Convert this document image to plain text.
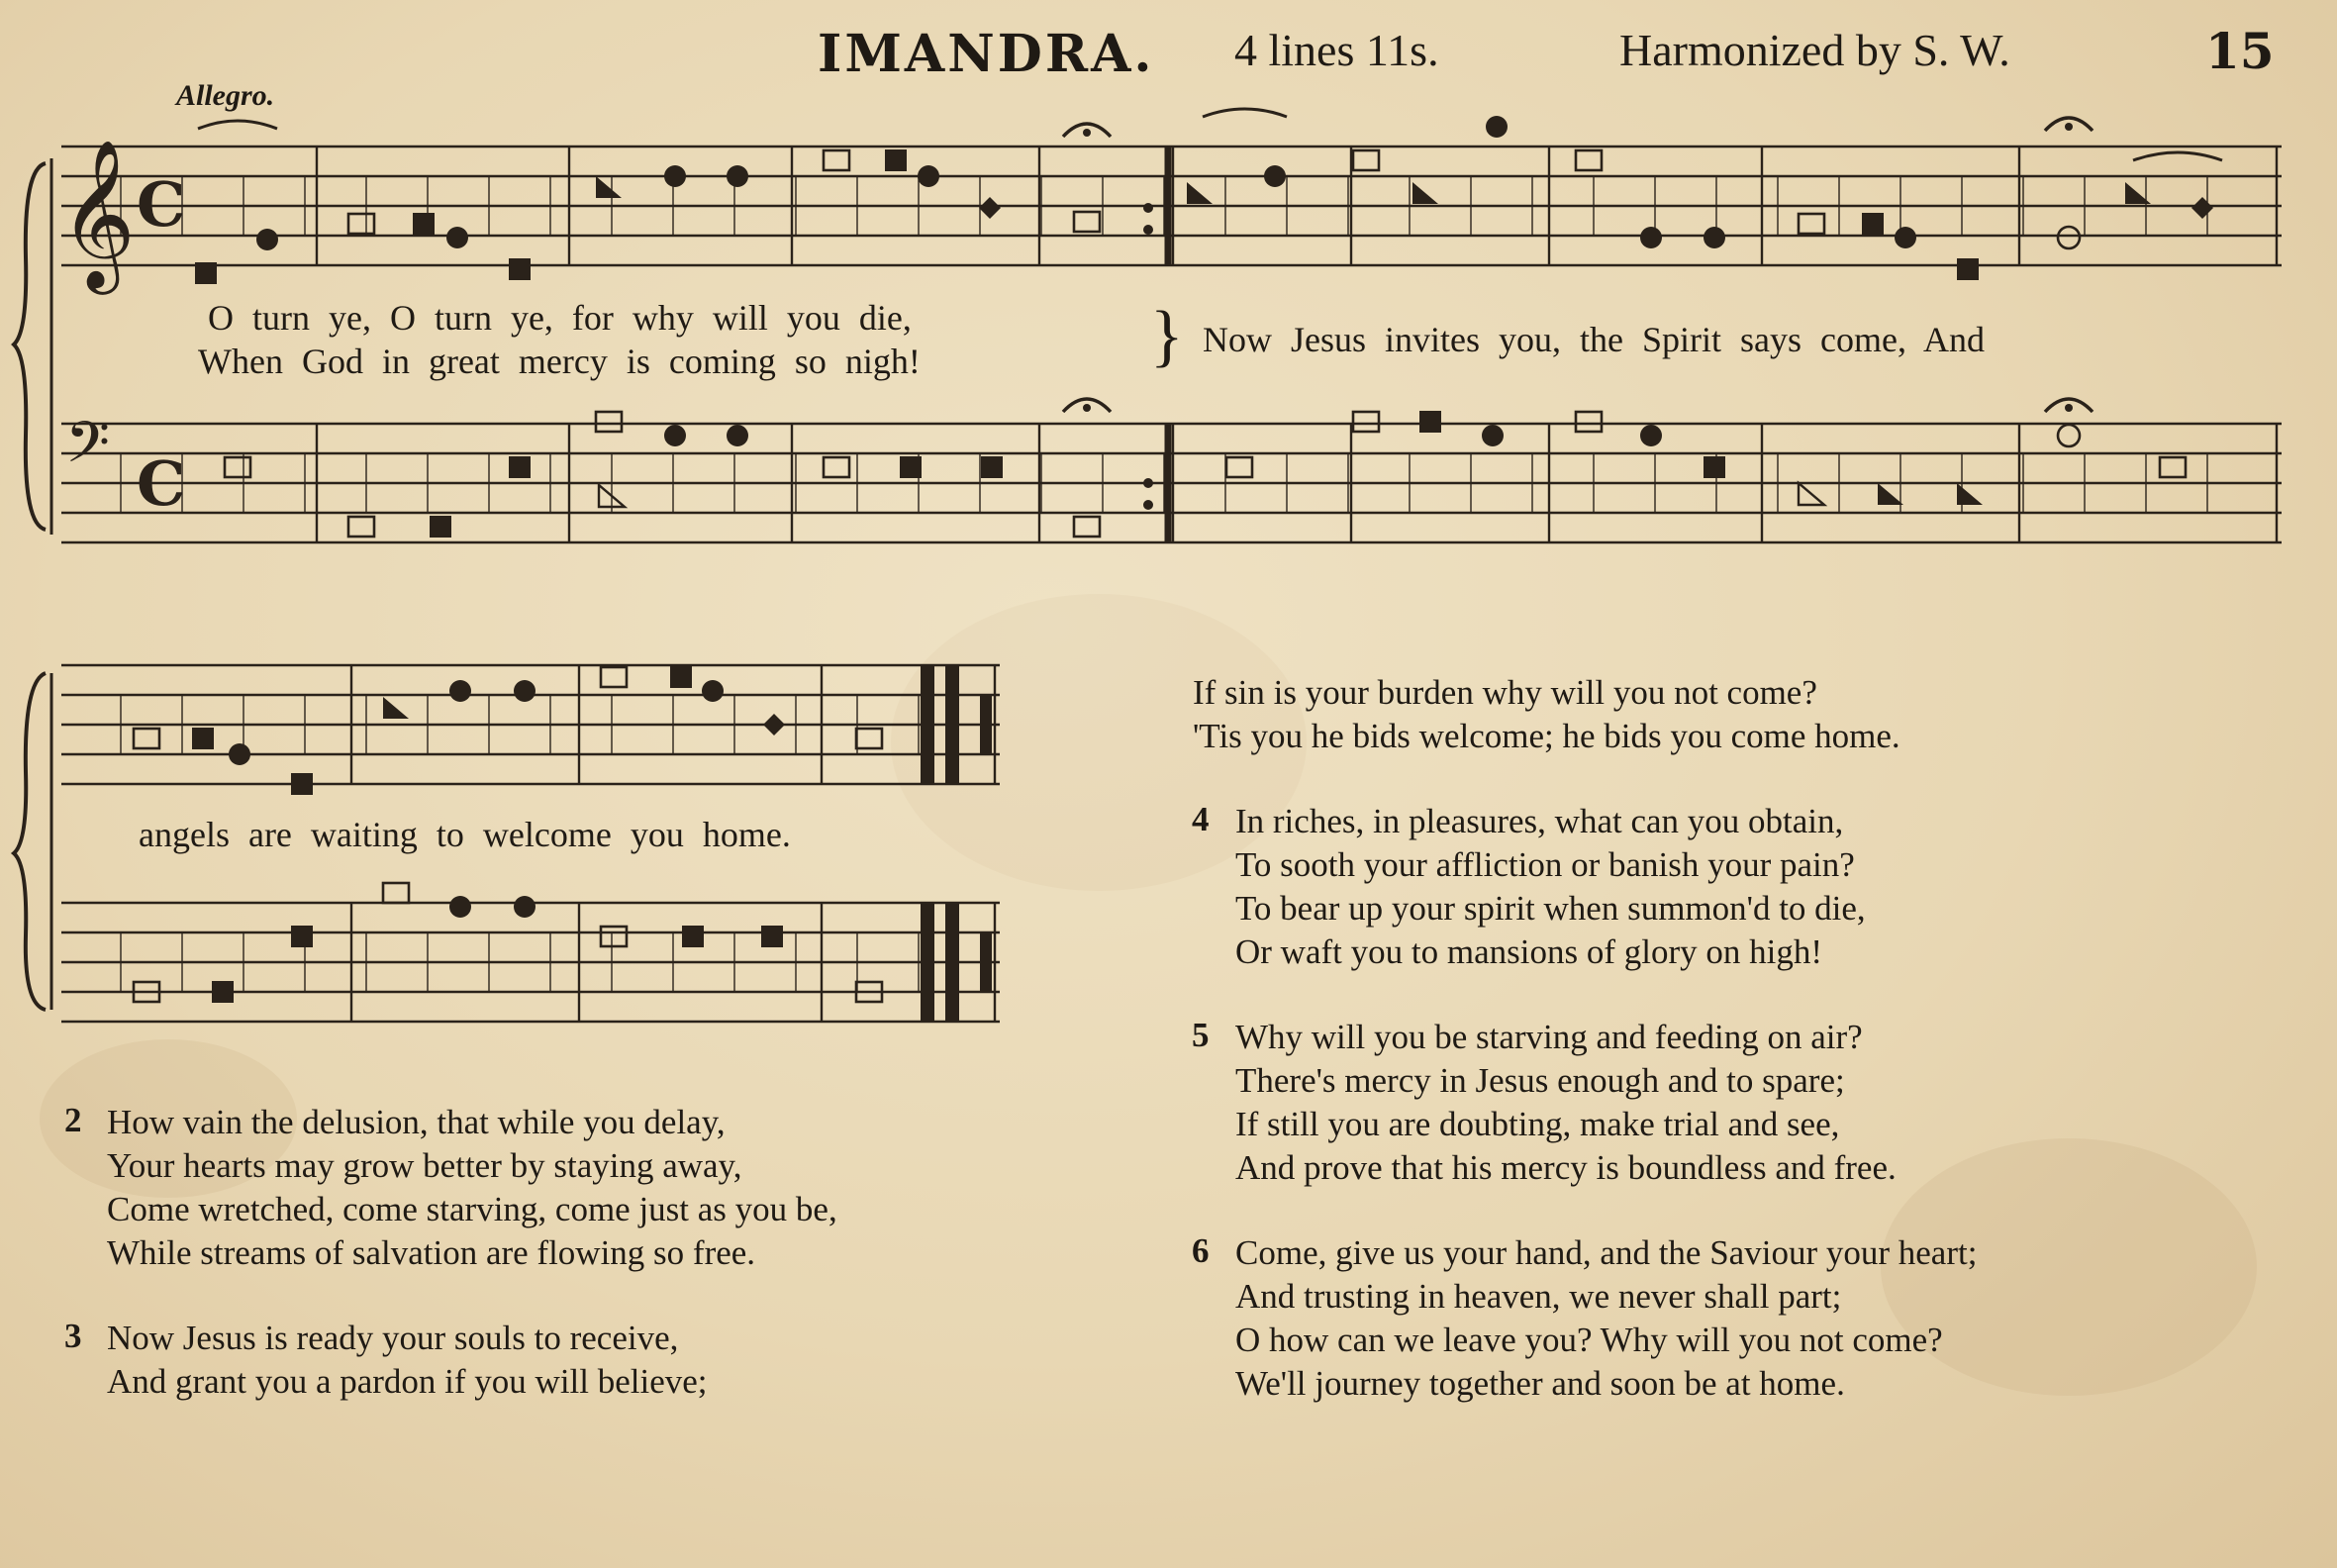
IMANDRA. 4 lines 11s.	Harmonized by S. W.	15
𝄞 C
𝄢 C
Allegro.
O turn ye, O turn ye, for why will you die,
When God in great mercy is coming so nigh!	} Now Jesus invites you, the Spirit says come, And
angels are waiting to welcome you home.
2 How vain the delusion, that while you delay,
Your hearts may grow better by staying away,
Come wretched, come starving, come just as you be,
While streams of salvation are flowing so free.
3 Now Jesus is ready your souls to receive,
And grant you a pardon if you will believe;
If sin is your burden why will you not come?
'Tis you he bids welcome; he bids you come home.
4 In riches, in pleasures, what can you obtain,
To sooth your affliction or banish your pain?
To bear up your spirit when summon'd to die,
Or waft you to mansions of glory on high!
5 Why will you be starving and feeding on air?
There's mercy in Jesus enough and to spare;
If still you are doubting, make trial and see,
And prove that his mercy is boundless and free.
6 Come, give us your hand, and the Saviour your heart;
And trusting in heaven, we never shall part;
O how can we leave you? Why will you not come?
We'll journey together and soon be at home.
